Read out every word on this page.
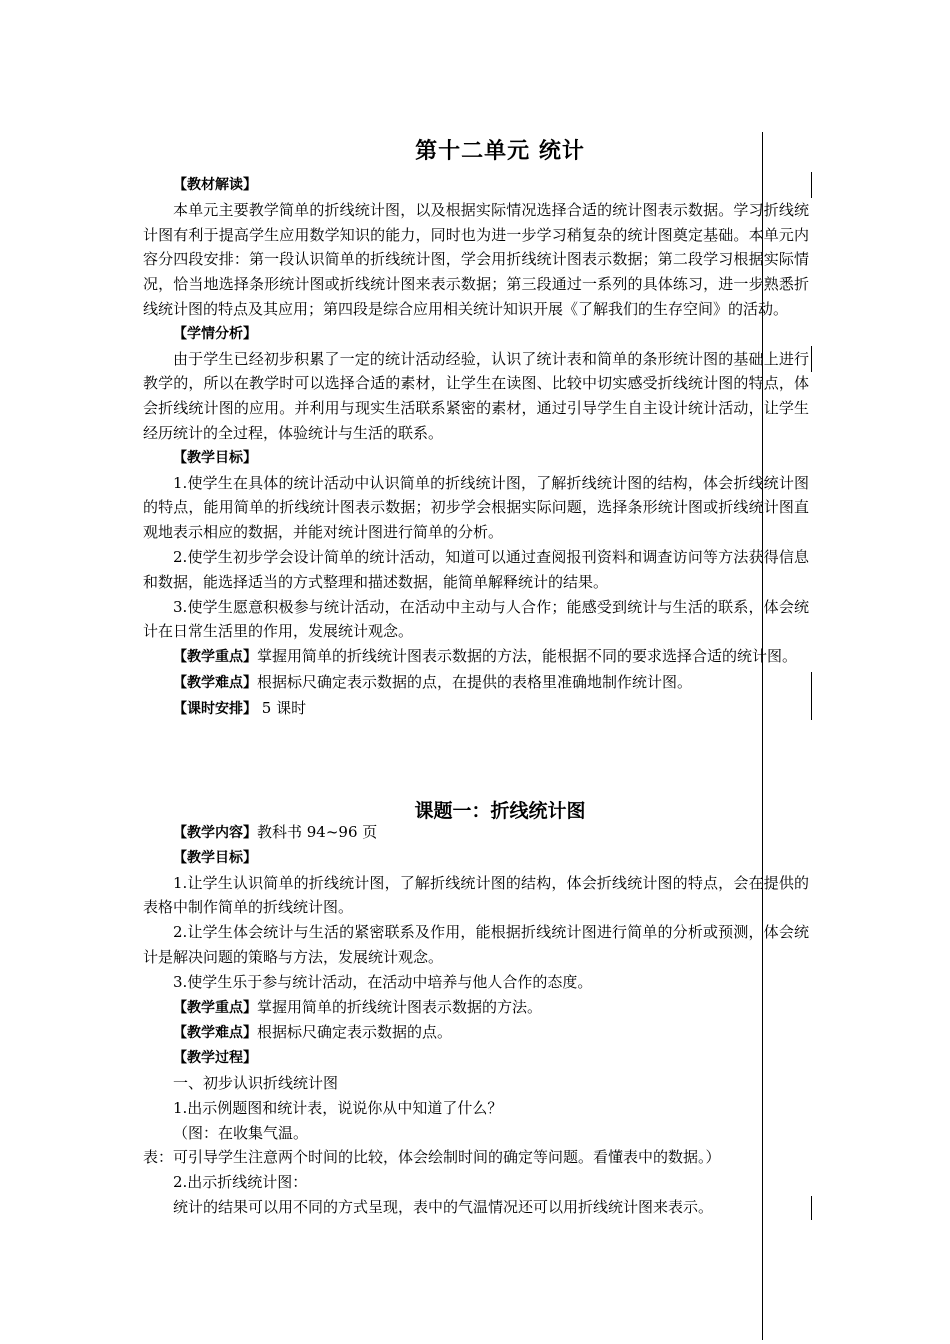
第十二单元 统计

【教材解读】

本单元主要教学简单的折线统计图，以及根据实际情况选择合适的统计图表示数据。学习折线统计图有利于提高学生应用数学知识的能力，同时也为进一步学习稍复杂的统计图奠定基础。本单元内容分四段安排：第一段认识简单的折线统计图，学会用折线统计图表示数据；第二段学习根据实际情况，恰当地选择条形统计图或折线统计图来表示数据；第三段通过一系列的具体练习，进一步熟悉折线统计图的特点及其应用；第四段是综合应用相关统计知识开展《了解我们的生存空间》的活动。

【学情分析】

由于学生已经初步积累了一定的统计活动经验，认识了统计表和简单的条形统计图的基础上进行教学的，所以在教学时可以选择合适的素材，让学生在读图、比较中切实感受折线统计图的特点，体会折线统计图的应用。并利用与现实生活联系紧密的素材，通过引导学生自主设计统计活动，让学生经历统计的全过程，体验统计与生活的联系。

【教学目标】

1.使学生在具体的统计活动中认识简单的折线统计图，了解折线统计图的结构，体会折线统计图的特点，能用简单的折线统计图表示数据；初步学会根据实际问题，选择条形统计图或折线统计图直观地表示相应的数据，并能对统计图进行简单的分析。

2.使学生初步学会设计简单的统计活动，知道可以通过查阅报刊资料和调查访问等方法获得信息和数据，能选择适当的方式整理和描述数据，能简单解释统计的结果。

3.使学生愿意积极参与统计活动，在活动中主动与人合作；能感受到统计与生活的联系，体会统计在日常生活里的作用，发展统计观念。

【教学重点】掌握用简单的折线统计图表示数据的方法，能根据不同的要求选择合适的统计图。

【教学难点】根据标尺确定表示数据的点，在提供的表格里准确地制作统计图。

【课时安排】 5 课时

课题一：折线统计图

【教学内容】教科书 94~96 页

【教学目标】

1.让学生认识简单的折线统计图，了解折线统计图的结构，体会折线统计图的特点，会在提供的表格中制作简单的折线统计图。

2.让学生体会统计与生活的紧密联系及作用，能根据折线统计图进行简单的分析或预测，体会统计是解决问题的策略与方法，发展统计观念。

3.使学生乐于参与统计活动，在活动中培养与他人合作的态度。

【教学重点】掌握用简单的折线统计图表示数据的方法。

【教学难点】根据标尺确定表示数据的点。

【教学过程】

一、初步认识折线统计图

1.出示例题图和统计表，说说你从中知道了什么？

（图：在收集气温。

表：可引导学生注意两个时间的比较，体会绘制时间的确定等问题。看懂表中的数据。）

2.出示折线统计图：

统计的结果可以用不同的方式呈现，表中的气温情况还可以用折线统计图来表示。
